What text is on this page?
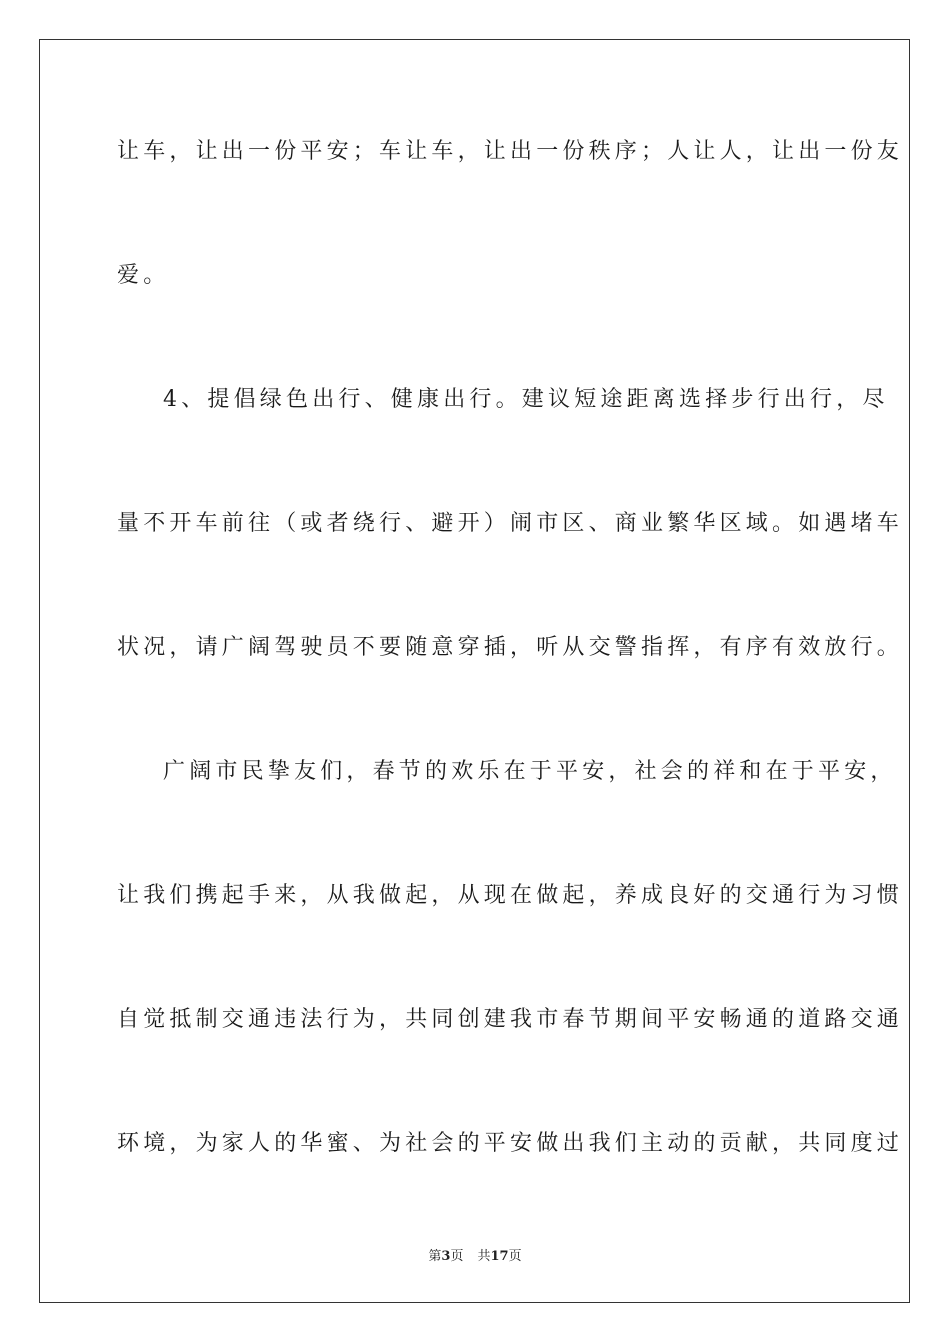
让车，让出一份平安；车让车，让出一份秩序；人让人，让出一份友
爱。
4、提倡绿色出行、健康出行。建议短途距离选择步行出行，尽
量不开车前往（或者绕行、避开）闹市区、商业繁华区域。如遇堵车
状况，请广阔驾驶员不要随意穿插，听从交警指挥，有序有效放行。
广阔市民挚友们，春节的欢乐在于平安，社会的祥和在于平安，
让我们携起手来，从我做起，从现在做起，养成良好的交通行为习惯
自觉抵制交通违法行为，共同创建我市春节期间平安畅通的道路交通
环境，为家人的华蜜、为社会的平安做出我们主动的贡献，共同度过
第3页 共17页
